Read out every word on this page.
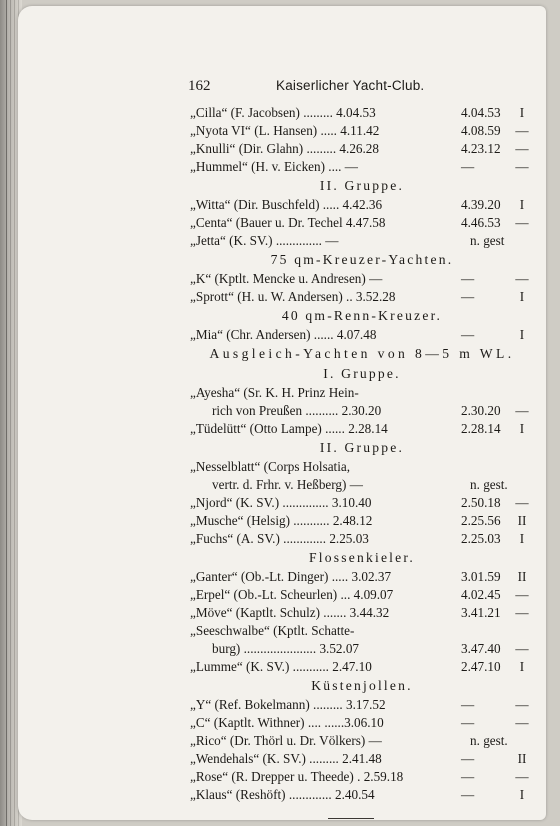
162	Kaiserlicher Yacht-Club.
„Cilla“ (F. Jacobsen) ......... 4.04.53	4.04.53	I
„Nyota VI“ (L. Hansen) ..... 4.11.42	4.08.59 —
„Knulli“ (Dir. Glahn) ......... 4.26.28	4.23.12 —
„Hummel“ (H. v. Eicken) .... —	—	—
II. Gruppe.
„Witta“ (Dir. Buschfeld) ..... 4.42.36	4.39.20	I
„Centa“ (Bauer u. Dr. Techel 4.47.58	4.46.53 —
„Jetta“ (K. SV.) .............. —	n. gest
75 qm-Kreuzer-Yachten.
„K“ (Kptlt. Mencke u. Andresen) —	—	—
„Sprott“ (H. u. W. Andersen) .. 3.52.28	—	I
40 qm-Renn-Kreuzer.
„Mia“ (Chr. Andersen) ...... 4.07.48	—	I
Ausgleich-Yachten von 8—5 m WL.
I. Gruppe.
„Ayesha“ (Sr. K. H. Prinz Hein-
rich von Preußen .......... 2.30.20	2.30.20 —
„Tüdelütt“ (Otto Lampe) ...... 2.28.14	2.28.14	I
II. Gruppe.
„Nesselblatt“ (Corps Holsatia,
vertr. d. Frhr. v. Heßberg) —	n. gest.
„Njord“ (K. SV.) .............. 3.10.40	2.50.18 —
„Musche“ (Helsig) ........... 2.48.12	2.25.56 II
„Fuchs“ (A. SV.) ............. 2.25.03	2.25.03	I
Flossenkieler.
„Ganter“ (Ob.-Lt. Dinger) ..... 3.02.37	3.01.59 II
„Erpel“ (Ob.-Lt. Scheurlen) ... 4.09.07	4.02.45 —
„Möve“ (Kaptlt. Schulz) ....... 3.44.32	3.41.21 —
„Seeschwalbe“ (Kptlt. Schatte-
burg) ...................... 3.52.07	3.47.40 —
„Lumme“ (K. SV.) ........... 2.47.10	2.47.10	I
Küstenjollen.
„Y“ (Ref. Bokelmann) ......... 3.17.52	—	—
„C“ (Kaptlt. Withner) .... ......3.06.10	—	—
„Rico“ (Dr. Thörl u. Dr. Völkers) —	n. gest.
„Wendehals“ (K. SV.) ......... 2.41.48	—	II
„Rose“ (R. Drepper u. Theede) . 2.59.18	—	—
„Klaus“ (Reshöft) ............. 2.40.54	—	I
